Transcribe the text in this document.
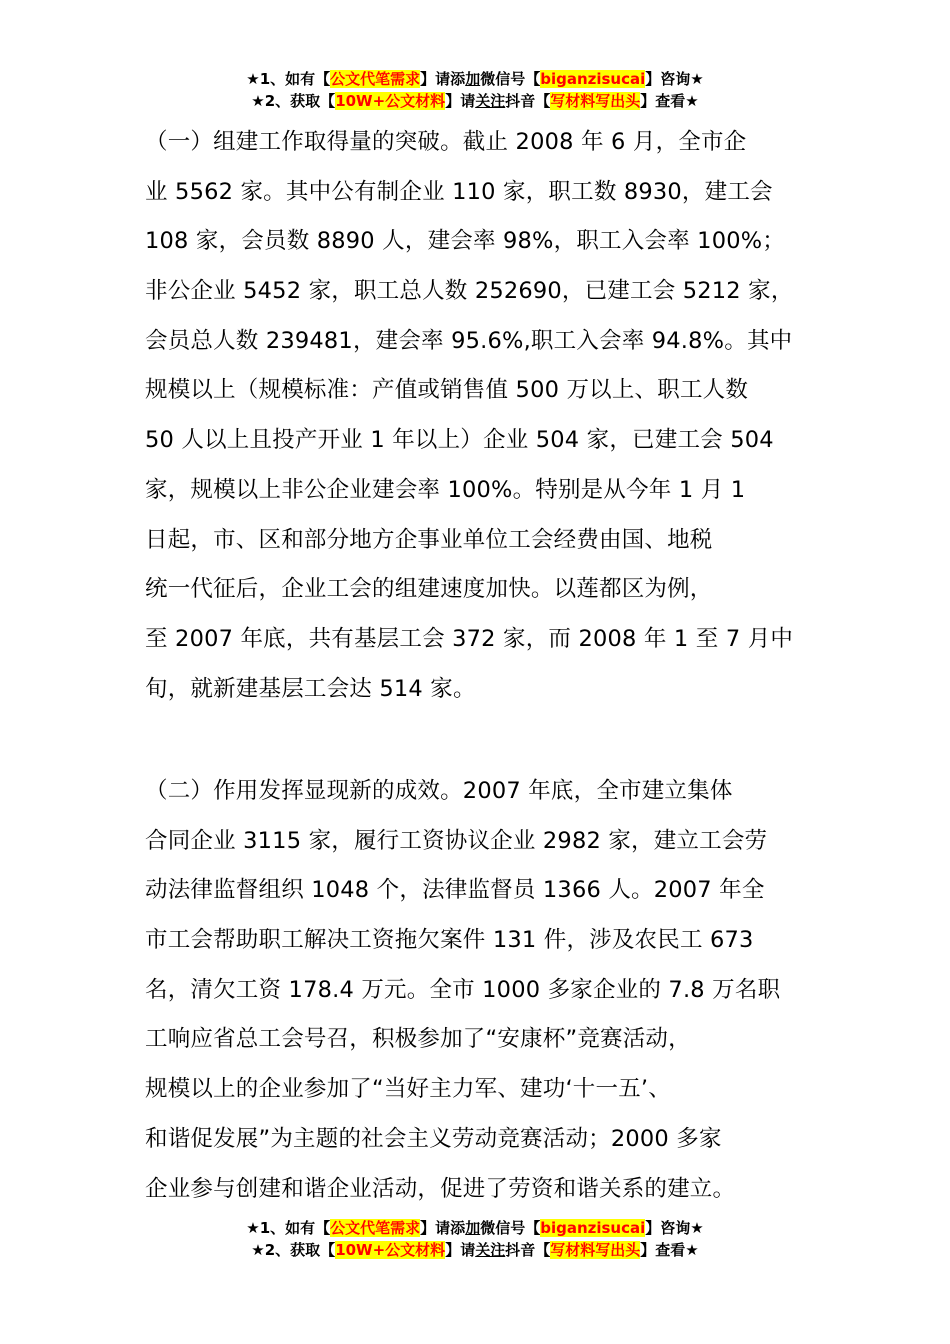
★1、如有【公文代笔需求】请添加微信号【biganzisucai】咨询★
★2、获取【10W+公文材料】请关注抖音【写材料写出头】查看★
（一）组建工作取得量的突破。截止 2008 年 6 月，全市企
业 5562 家。其中公有制企业 110 家，职工数 8930，建工会
108 家，会员数 8890 人，建会率 98%，职工入会率 100%；
非公企业 5452 家，职工总人数 252690，已建工会 5212 家，
会员总人数 239481，建会率 95.6%,职工入会率 94.8%。其中
规模以上（规模标准：产值或销售值 500 万以上、职工人数
50 人以上且投产开业 1 年以上）企业 504 家，已建工会 504
家，规模以上非公企业建会率 100%。特别是从今年 1 月 1
日起，市、区和部分地方企事业单位工会经费由国、地税
统一代征后，企业工会的组建速度加快。以莲都区为例，
至 2007 年底，共有基层工会 372 家，而 2008 年 1 至 7 月中
旬，就新建基层工会达 514 家。
（二）作用发挥显现新的成效。2007 年底，全市建立集体
合同企业 3115 家，履行工资协议企业 2982 家，建立工会劳
动法律监督组织 1048 个，法律监督员 1366 人。2007 年全
市工会帮助职工解决工资拖欠案件 131 件，涉及农民工 673
名，清欠工资 178.4 万元。全市 1000 多家企业的 7.8 万名职
工响应省总工会号召，积极参加了“安康杯”竞赛活动，
规模以上的企业参加了“当好主力军、建功‘十一五’、
和谐促发展”为主题的社会主义劳动竞赛活动；2000 多家
企业参与创建和谐企业活动，促进了劳资和谐关系的建立。
★1、如有【公文代笔需求】请添加微信号【biganzisucai】咨询★
★2、获取【10W+公文材料】请关注抖音【写材料写出头】查看★
